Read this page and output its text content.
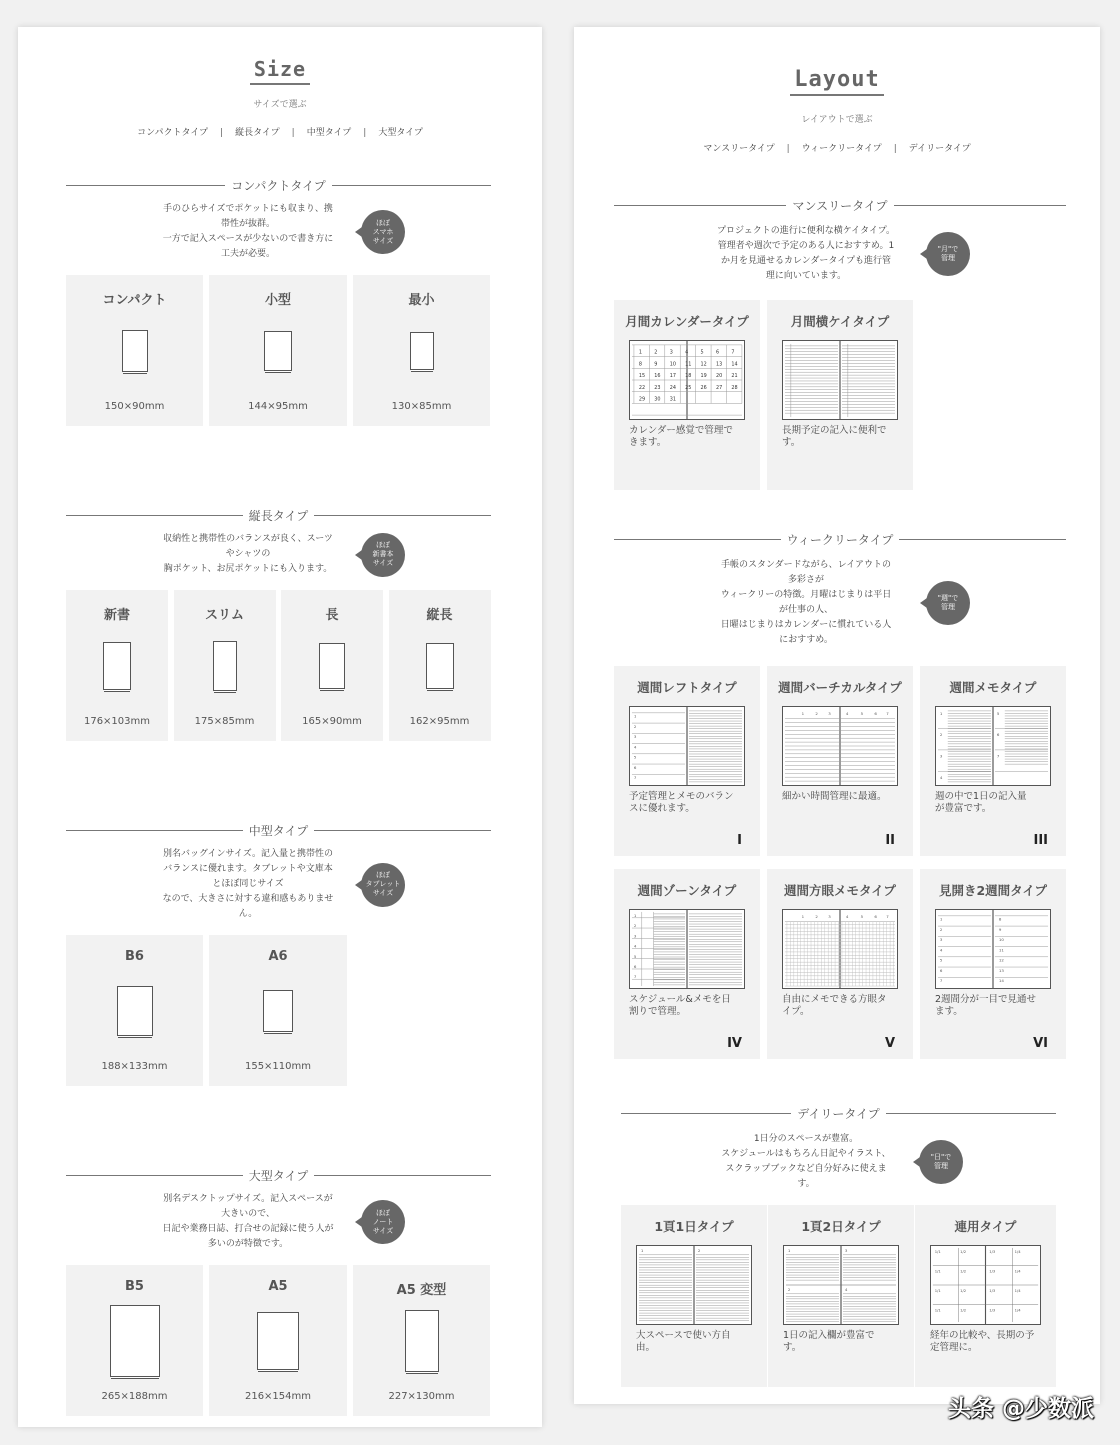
Size
サイズで選ぶ
コンパクトタイプ | 縦長タイプ | 中型タイプ | 大型タイプ
コンパクトタイプ
手のひらサイズでポケットにも収まり、携
帯性が抜群。
一方で記入スペースが少ないので書き方に
工夫が必要。
ほぼ
スマホ
サイズ
コンパクト
150×90mm
小型
144×95mm
最小
130×85mm
縦長タイプ
収納性と携帯性のバランスが良く、スーツ
やシャツの
胸ポケット、お尻ポケットにも入ります。
ほぼ
新書本
サイズ
新書
176×103mm
スリム
175×85mm
長
165×90mm
縦長
162×95mm
中型タイプ
別名バッグインサイズ。記入量と携帯性の
バランスに優れます。タブレットや文庫本
とほぼ同じサイズ
なので、大きさに対する違和感もありませ
ん。
ほぼ
タブレット
サイズ
B6
188×133mm
A6
155×110mm
大型タイプ
別名デスクトップサイズ。記入スペースが
大きいので、
日記や業務日誌、打合せの記録に使う人が
多いのが特徴です。
ほぼ
ノート
サイズ
B5
265×188mm
A5
216×154mm
A5 変型
227×130mm
Layout
レイアウトで選ぶ
マンスリータイプ | ウィークリータイプ | デイリータイプ
マンスリータイプ
プロジェクトの進行に便利な横ケイタイプ。
管理者や週次で予定のある人におすすめ。1
か月を見通せるカレンダータイプも進行管
理に向いています。
"月"で
管理
月間カレンダータイプ
1 2 3 4 5 6 7
8 9 10 11 12 13 14
15 16 17 18 19 20 21
22 23 24 25 26 27 28
29 30 31
カレンダー感覚で管理で
きます。
月間横ケイタイプ
長期予定の記入に便利で
す。
ウィークリータイプ
手帳のスタンダードながら、レイアウトの
多彩さが
ウィークリーの特徴。月曜はじまりは平日
が仕事の人、
日曜はじまりはカレンダーに慣れている人
におすすめ。
"週"で
管理
週間レフトタイプ
1
2
3
4
5
6
7
予定管理とメモのバラン
スに優れます。
I
週間バーチカルタイプ
1	2	3	4	5	6 7
細かい時間管理に最適。
II
週間メモタイプ
1
2
3
4
5
6
7
週の中で1日の記入量
が豊富です。
III
週間ゾーンタイプ
1
2
3
4
5
6
7
スケジュール&メモを日
割りで管理。
IV
週間方眼メモタイプ
1	2	3	4	5	6 7
自由にメモできる方眼タ
イプ。
V
見開き2週間タイプ
1
2
3
4
5
6
7
8
9
10
11
12
13
14
2週間分が一目で見通せ
ます。
VI
デイリータイプ
1日分のスペースが豊富。
スケジュールはもちろん日記やイラスト、
スクラップブックなど自分好みに使えま
す。
"日"で
管理
1頁1日タイプ
1	2
大スペースで使い方自
由。
1頁2日タイプ
1
2
3
4
1日の記入欄が豊富で
す。
連用タイプ
1/1	1/2	1/3	1/4
1/1	1/2	1/3	1/4
1/1	1/2	1/3	1/4
1/1	1/2	1/3	1/4
経年の比較や、長期の予
定管理に。
头条 @少数派
